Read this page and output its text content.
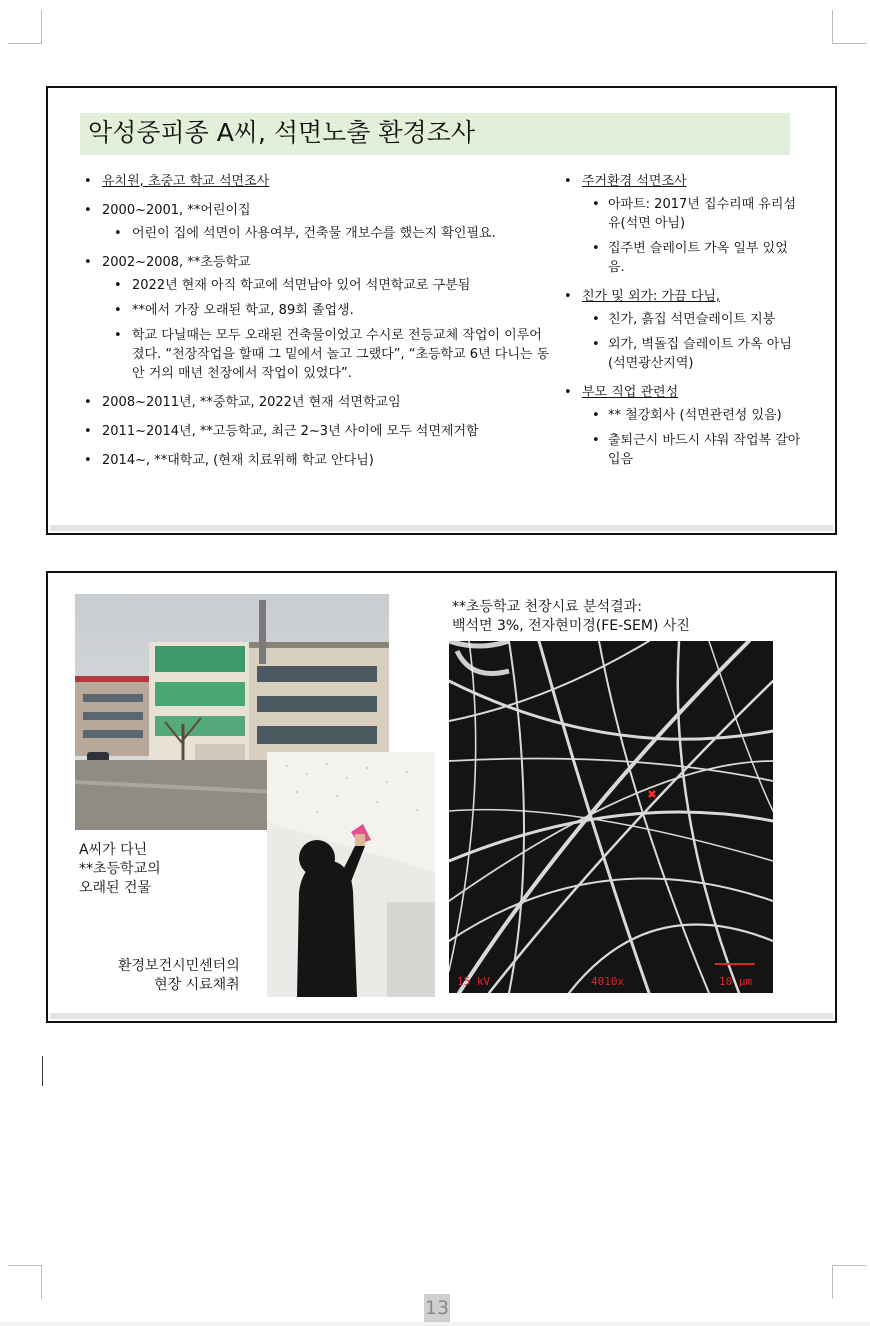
악성중피종 A씨, 석면노출 환경조사
• 유치원, 초중고 학교 석면조사
• 2000~2001, **어린이집
• 어린이 집에 석면이 사용여부, 건축물 개보수를 했는지 확인필요.
• 2002~2008, **초등학교
• 2022년 현재 아직 학교에 석면남아 있어 석면학교로 구분됨
• **에서 가장 오래된 학교, 89회 졸업생.
• 학교 다닐때는 모두 오래된 건축물이었고 수시로 전등교체 작업이 이루어졌다. “천장작업을 할때 그 밑에서 놀고 그랬다”, “초등학교 6년 다니는 동안 거의 매년 천장에서 작업이 있었다”.
• 2008~2011년, **중학교, 2022년 현재 석면학교임
• 2011~2014년, **고등학교, 최근 2~3년 사이에 모두 석면제거함
• 2014~, **대학교, (현재 치료위해 학교 안다님)
• 주거환경 석면조사
• 아파트: 2017년 집수리때 유리섬유(석면 아님)
• 집주변 슬레이트 가옥 일부 있었음.
• 친가 및 외가: 가끔 다님,
• 친가, 흙집 석면슬레이트 지붕
• 외가, 벽돌집 슬레이트 가옥 아님 (석면광산지역)
• 부모 직업 관련성
• ** 철강회사 (석면관련성 있음)
• 출퇴근시 바드시 샤워 작업복 갈아입음
A씨가 다닌
**초등학교의
오래된 건물
환경보건시민센터의
현장 시료채취
**초등학교 천장시료 분석결과:
백석면 3%, 전자현미경(FE-SEM) 사진
15 kV	4010x	10 µm
13
